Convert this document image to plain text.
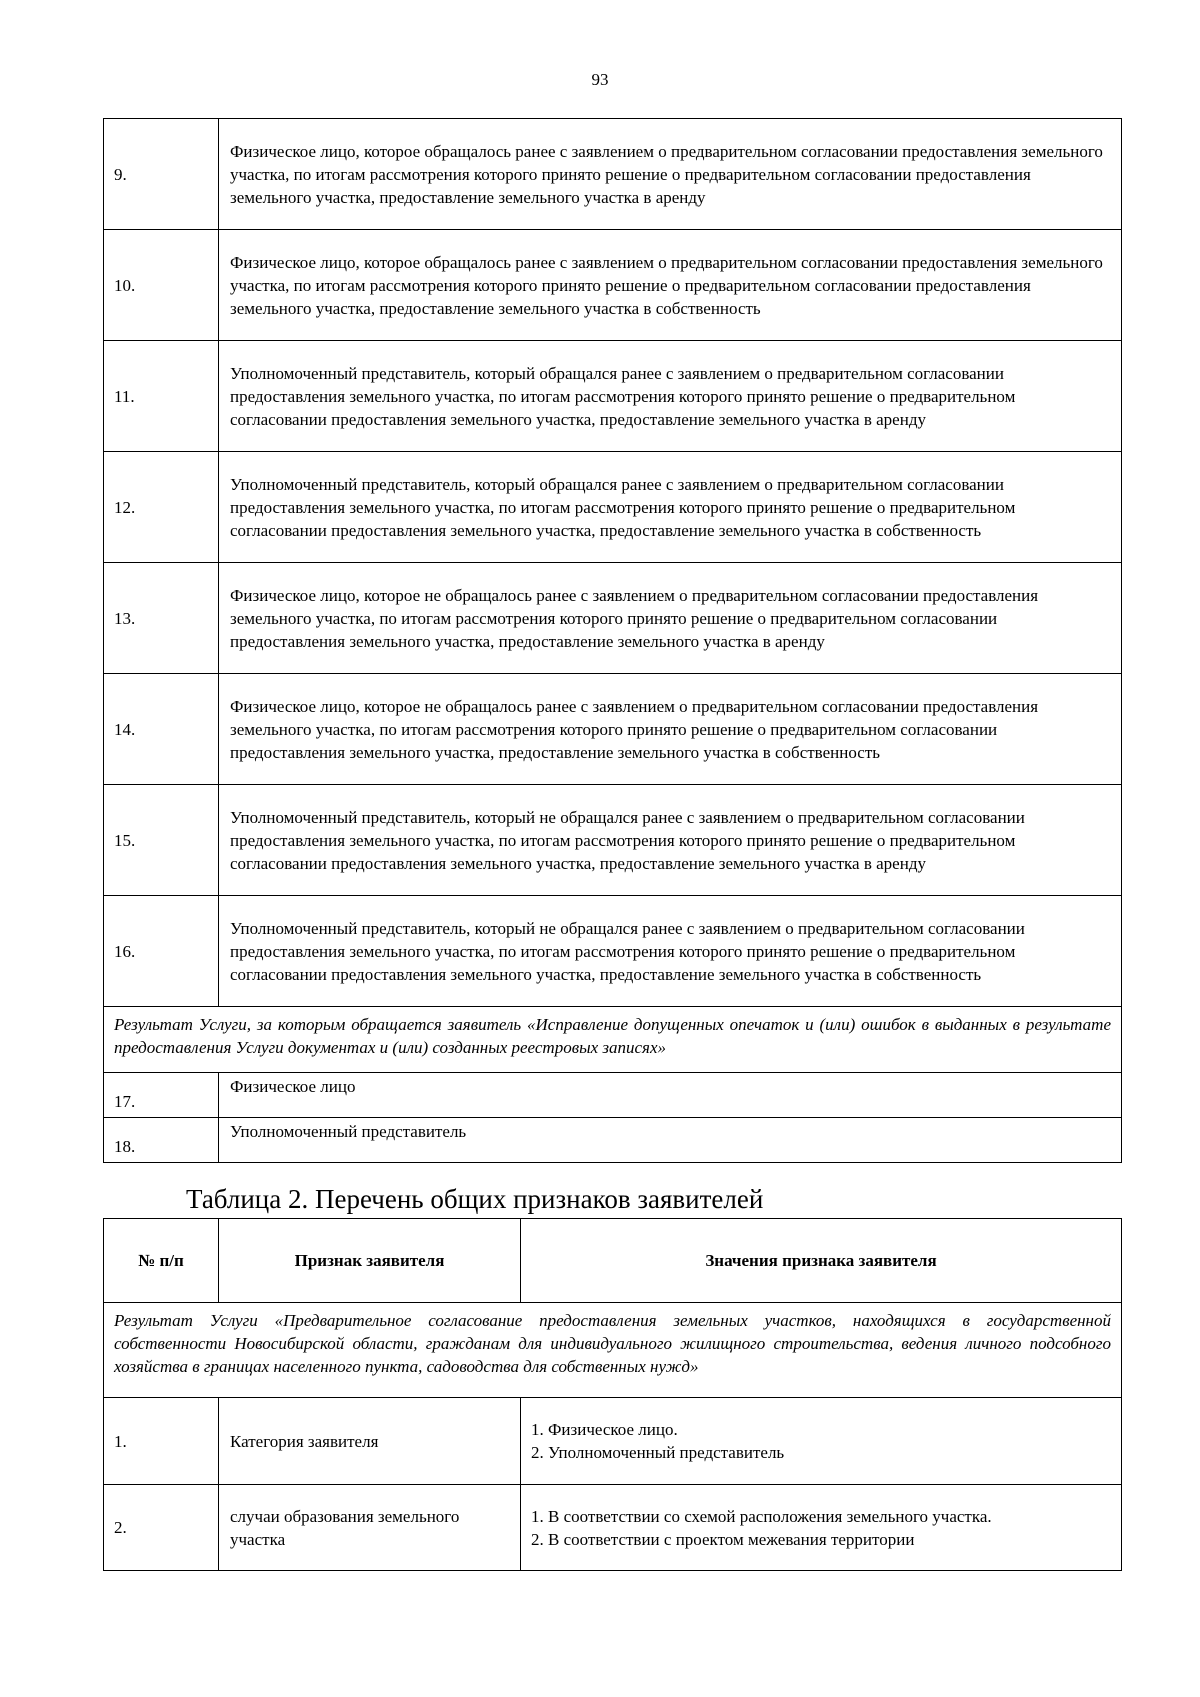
93
9.	Физическое лицо, которое обращалось ранее с заявлением о предварительном согласовании предоставления земельного участка, по итогам рассмотрения которого принято решение о предварительном согласовании предоставления земельного участка, предоставление земельного участка в аренду
10.	Физическое лицо, которое обращалось ранее с заявлением о предварительном согласовании предоставления земельного участка, по итогам рассмотрения которого принято решение о предварительном согласовании предоставления земельного участка, предоставление земельного участка в собственность
11.	Уполномоченный представитель, который обращался ранее с заявлением о предварительном согласовании предоставления земельного участка, по итогам рассмотрения которого принято решение о предварительном согласовании предоставления земельного участка, предоставление земельного участка в аренду
12.	Уполномоченный представитель, который обращался ранее с заявлением о предварительном согласовании предоставления земельного участка, по итогам рассмотрения которого принято решение о предварительном согласовании предоставления земельного участка, предоставление земельного участка в собственность
13.	Физическое лицо, которое не обращалось ранее с заявлением о предварительном согласовании предоставления земельного участка, по итогам рассмотрения которого принято решение о предварительном согласовании предоставления земельного участка, предоставление земельного участка в аренду
14.	Физическое лицо, которое не обращалось ранее с заявлением о предварительном согласовании предоставления земельного участка, по итогам рассмотрения которого принято решение о предварительном согласовании предоставления земельного участка, предоставление земельного участка в собственность
15.	Уполномоченный представитель, который не обращался ранее с заявлением о предварительном согласовании предоставления земельного участка, по итогам рассмотрения которого принято решение о предварительном согласовании предоставления земельного участка, предоставление земельного участка в аренду
16.	Уполномоченный представитель, который не обращался ранее с заявлением о предварительном согласовании предоставления земельного участка, по итогам рассмотрения которого принято решение о предварительном согласовании предоставления земельного участка, предоставление земельного участка в собственность
Результат Услуги, за которым обращается заявитель «Исправление допущенных опечаток и (или) ошибок в выданных в результате предоставления Услуги документах и (или) созданных реестровых записях»	
17.	Физическое лицо
18.	Уполномоченный представитель
Таблица 2. Перечень общих признаков заявителей
№ п/п	Признак заявителя	Значения признака заявителя
Результат Услуги «Предварительное согласование предоставления земельных участков, находящихся в государственной собственности Новосибирской области, гражданам для индивидуального жилищного строительства, ведения личного подсобного хозяйства в границах населенного пункта, садоводства для собственных нужд»		
1.	Категория заявителя	1. Физическое лицо.
2. Уполномоченный представитель

2.	случаи образования земельного участка	1. В соответствии со схемой расположения земельного участка.
2. В соответствии с проектом межевания территории
